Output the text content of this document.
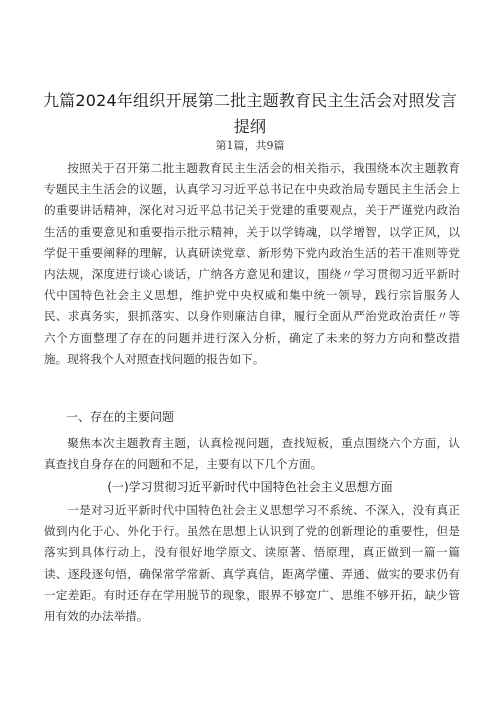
九篇2024年组织开展第二批主题教育民主生活会对照发言提纲
第1篇，共9篇

按照关于召开第二批主题教育民主生活会的相关指示，我围绕本次主题教育专题民主生活会的议题，认真学习习近平总书记在中央政治局专题民主生活会上的重要讲话精神，深化对习近平总书记关于党建的重要观点，关于严谨党内政治生活的重要意见和重要指示批示精神，关于以学铸魂，以学增智，以学正风，以学促干重要阐释的理解，认真研读党章、新形势下党内政治生活的若干准则等党内法规，深度进行谈心谈话，广纳各方意见和建议，围绕〃学习贯彻习近平新时代中国特色社会主义思想，维护党中央权威和集中统一领导，践行宗旨服务人民、求真务实，狠抓落实、以身作则廉洁自律，履行全面从严治党政治责任〃等六个方面整理了存在的问题并进行深入分析，确定了未来的努力方向和整改措施。现将我个人对照查找问题的报告如下。

一、存在的主要问题

聚焦本次主题教育主题，认真检视问题，查找短板，重点围绕六个方面，认真查找自身存在的问题和不足，主要有以下几个方面。

(一)学习贯彻习近平新时代中国特色社会主义思想方面

一是对习近平新时代中国特色社会主义思想学习不系统、不深入，没有真正做到内化于心、外化于行。虽然在思想上认识到了党的创新理论的重要性，但是落实到具体行动上，没有很好地学原文、读原著、悟原理，真正做到一篇一篇读、逐段逐句悟，确保常学常新、真学真信，距离学懂、弄通、做实的要求仍有一定差距。有时还存在学用脱节的现象，眼界不够宽广、思维不够开拓，缺少管用有效的办法举措。
